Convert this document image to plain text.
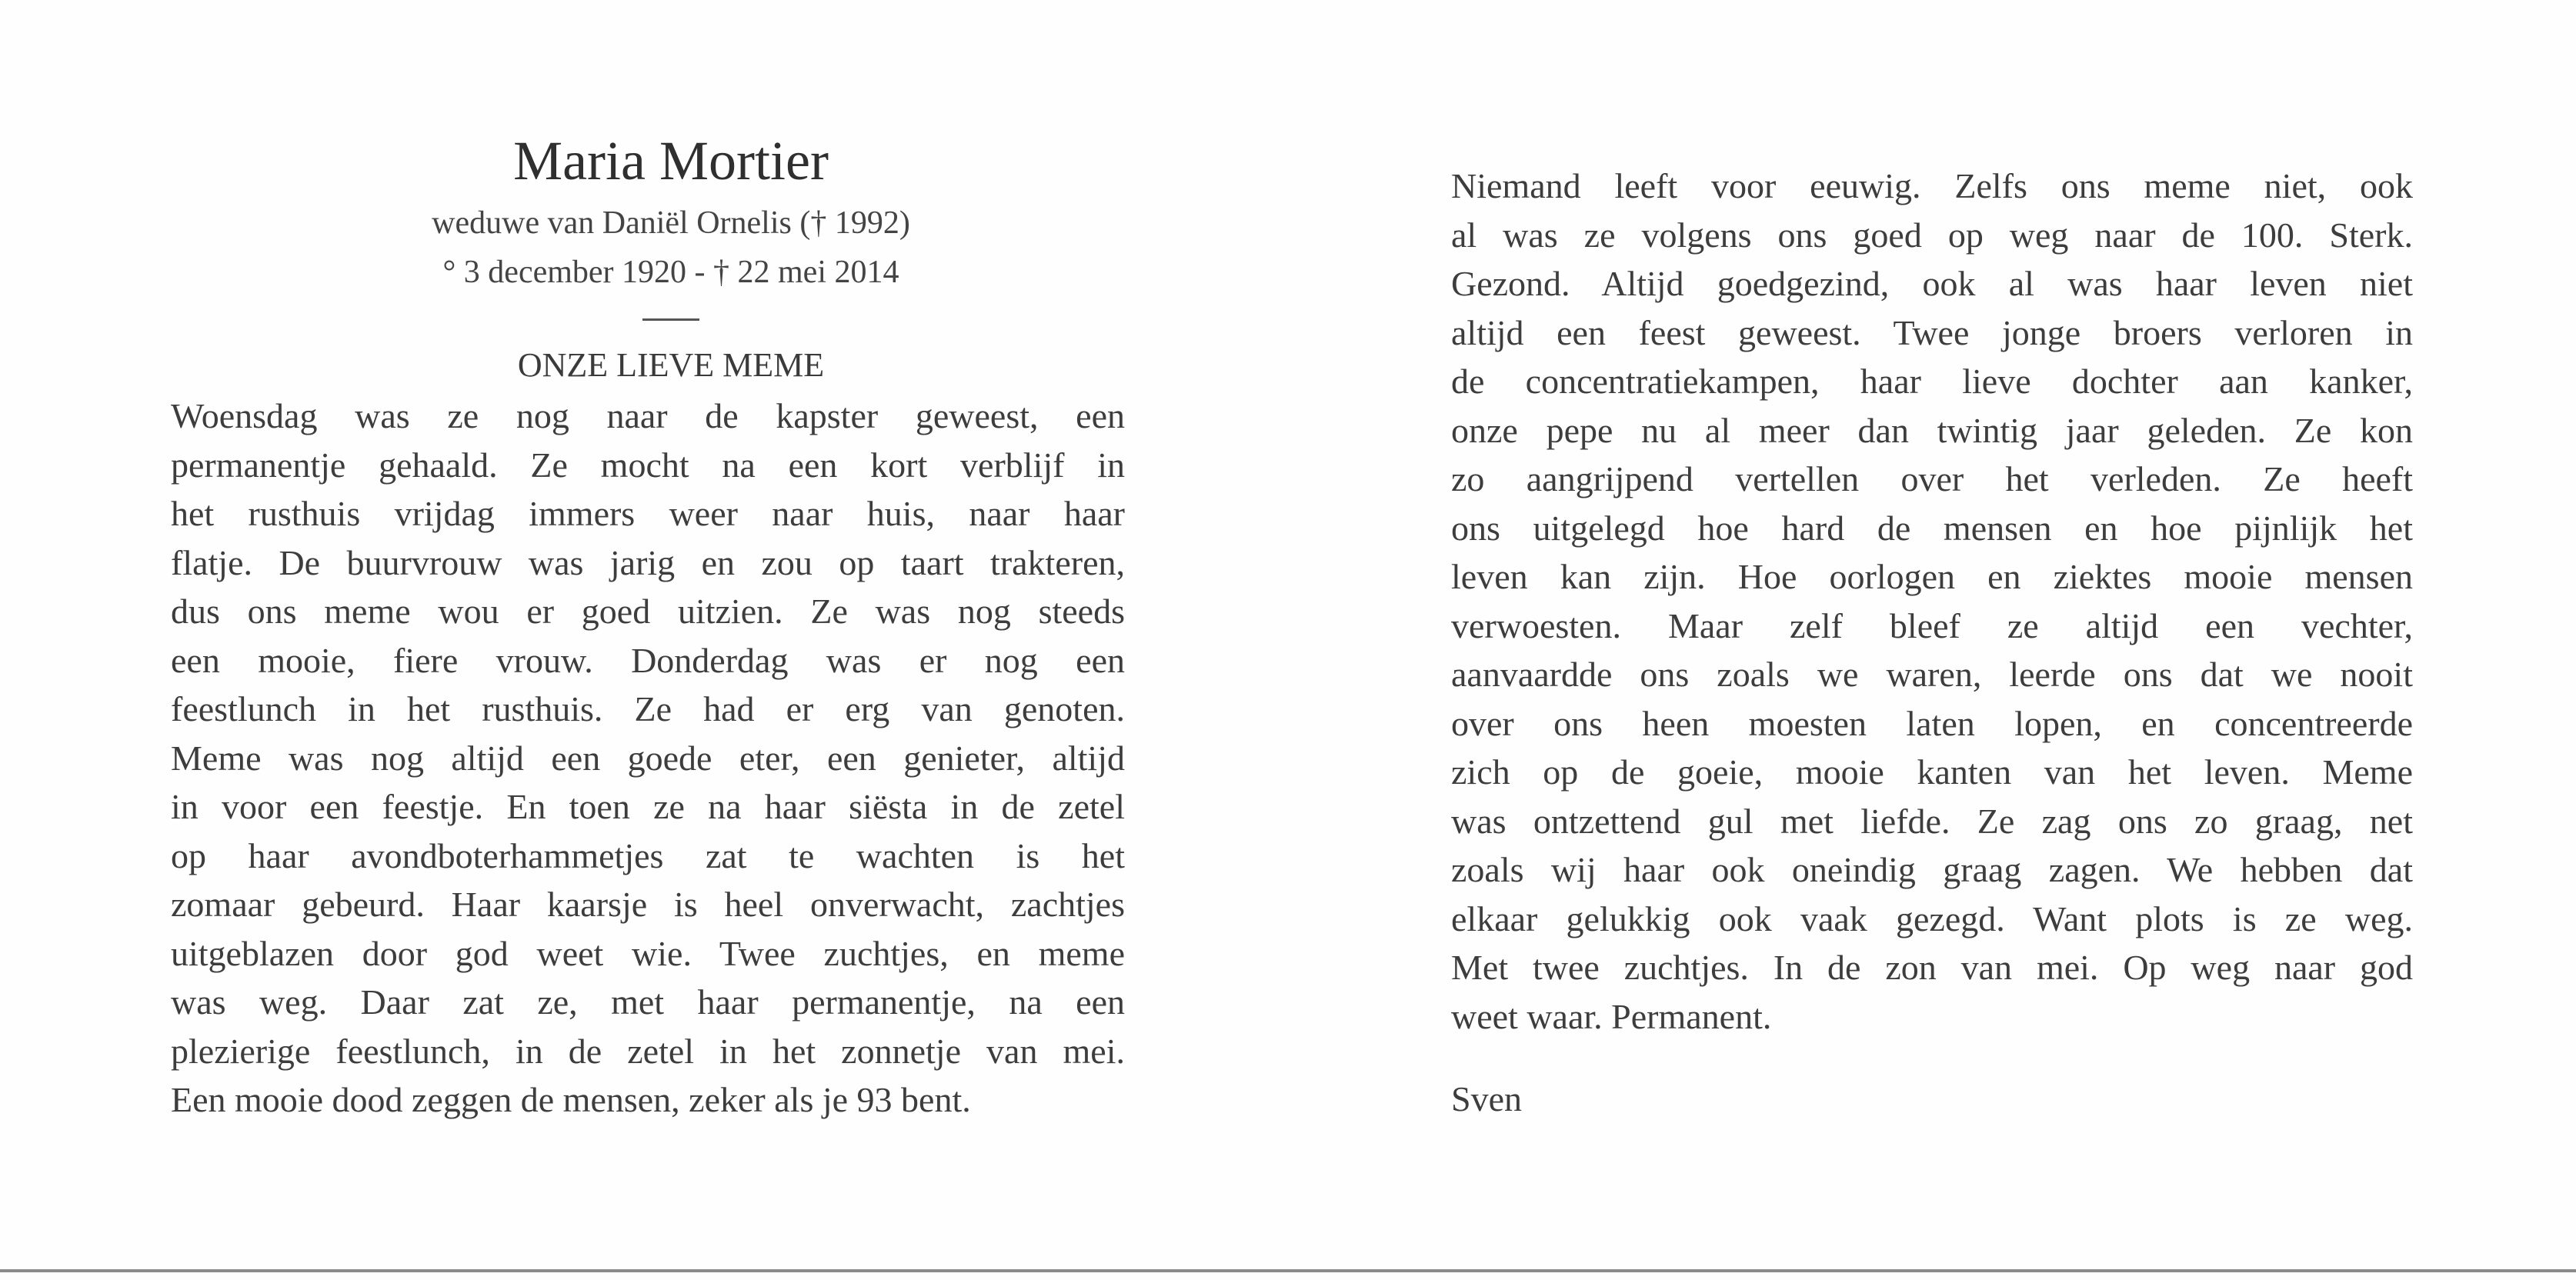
Maria Mortier
weduwe van Daniël Ornelis († 1992)
° 3 december 1920 - † 22 mei 2014
ONZE LIEVE MEME
Woensdag was ze nog naar de kapster geweest, een
permanentje gehaald. Ze mocht na een kort verblijf in
het rusthuis vrijdag immers weer naar huis, naar haar
flatje. De buurvrouw was jarig en zou op taart trakteren,
dus ons meme wou er goed uitzien. Ze was nog steeds
een mooie, fiere vrouw. Donderdag was er nog een
feestlunch in het rusthuis. Ze had er erg van genoten.
Meme was nog altijd een goede eter, een genieter, altijd
in voor een feestje. En toen ze na haar siësta in de zetel
op haar avondboterhammetjes zat te wachten is het
zomaar gebeurd. Haar kaarsje is heel onverwacht, zachtjes
uitgeblazen door god weet wie. Twee zuchtjes, en meme
was weg. Daar zat ze, met haar permanentje, na een
plezierige feestlunch, in de zetel in het zonnetje van mei.
Een mooie dood zeggen de mensen, zeker als je 93 bent.
Niemand leeft voor eeuwig. Zelfs ons meme niet, ook
al was ze volgens ons goed op weg naar de 100. Sterk.
Gezond. Altijd goedgezind, ook al was haar leven niet
altijd een feest geweest. Twee jonge broers verloren in
de concentratiekampen, haar lieve dochter aan kanker,
onze pepe nu al meer dan twintig jaar geleden. Ze kon
zo aangrijpend vertellen over het verleden. Ze heeft
ons uitgelegd hoe hard de mensen en hoe pijnlijk het
leven kan zijn. Hoe oorlogen en ziektes mooie mensen
verwoesten. Maar zelf bleef ze altijd een vechter,
aanvaardde ons zoals we waren, leerde ons dat we nooit
over ons heen moesten laten lopen, en concentreerde
zich op de goeie, mooie kanten van het leven. Meme
was ontzettend gul met liefde. Ze zag ons zo graag, net
zoals wij haar ook oneindig graag zagen. We hebben dat
elkaar gelukkig ook vaak gezegd. Want plots is ze weg.
Met twee zuchtjes. In de zon van mei. Op weg naar god
weet waar. Permanent.
Sven
